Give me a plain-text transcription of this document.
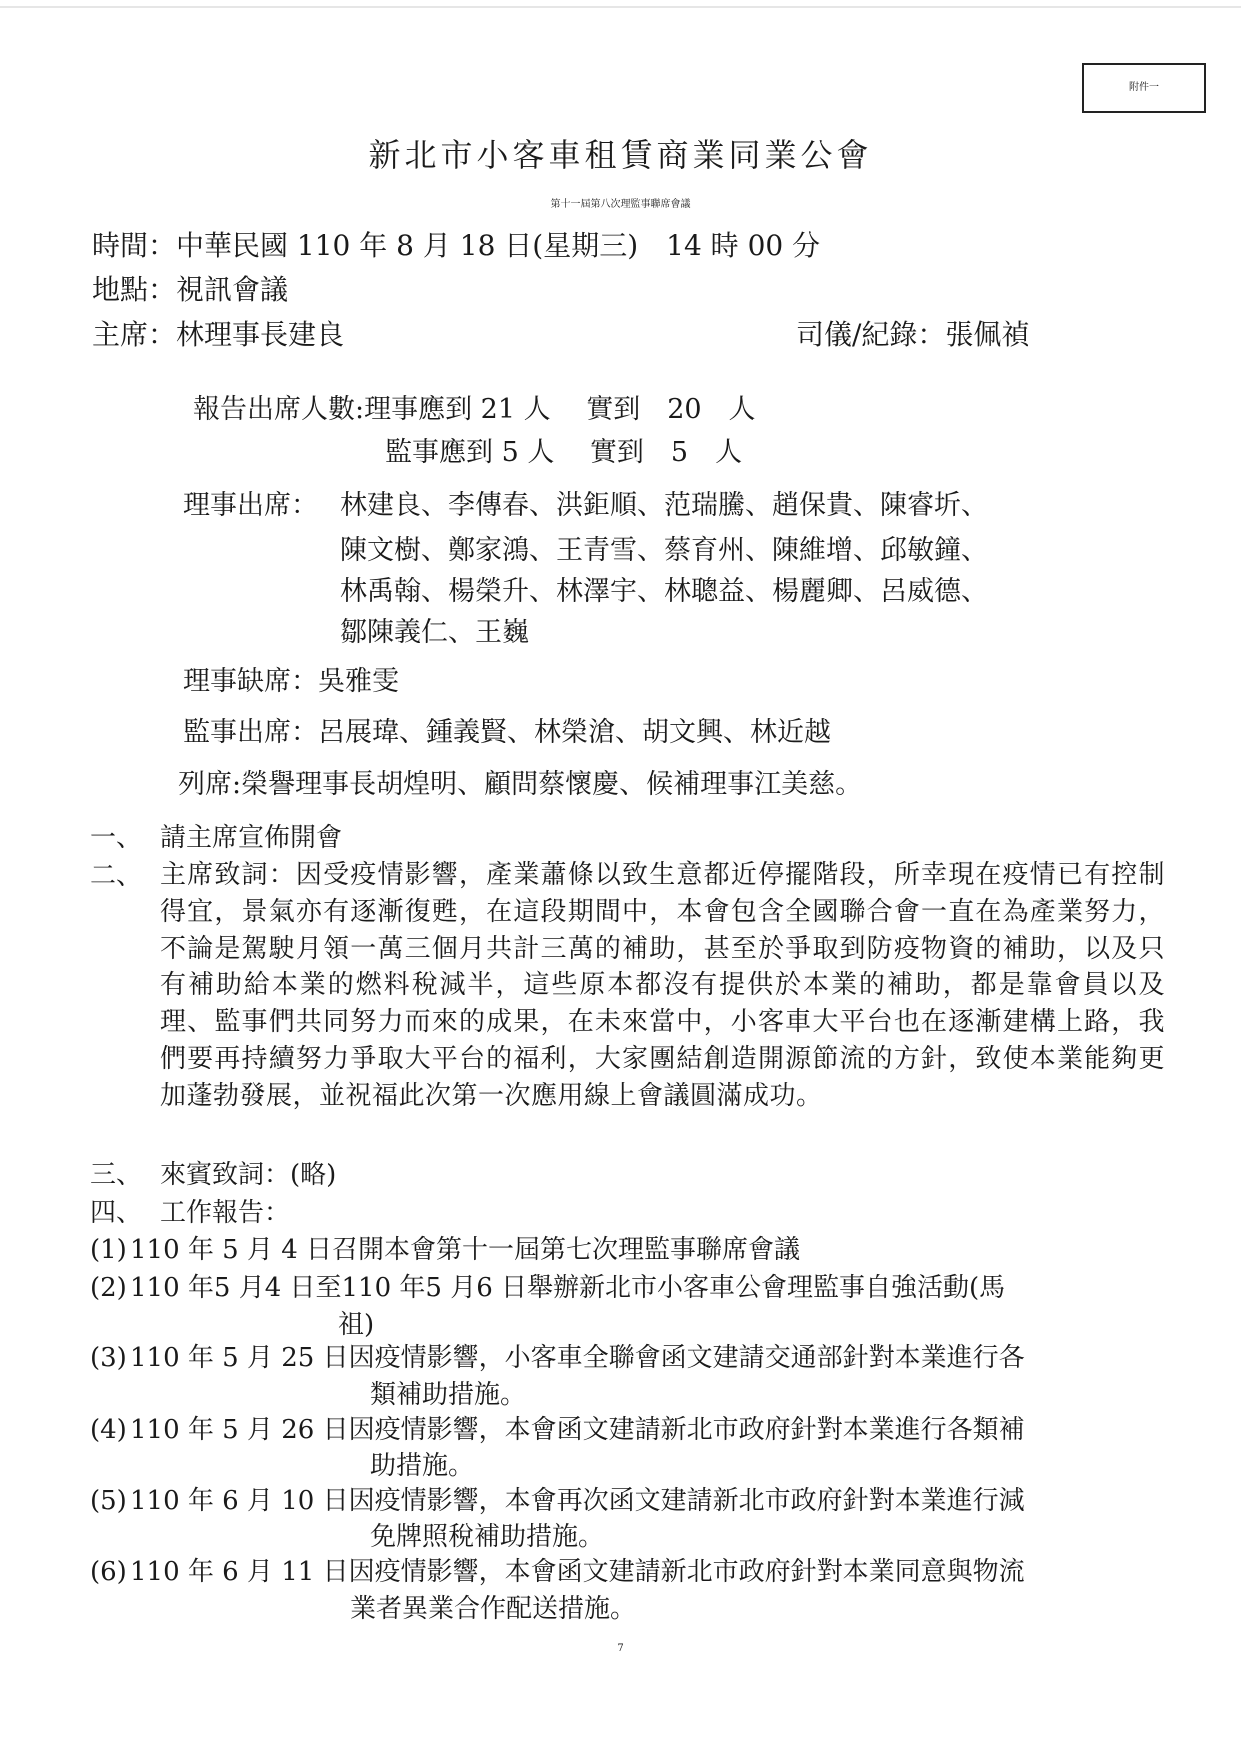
附件一
新北市小客車租賃商業同業公會
第十一屆第八次理監事聯席會議
時間：中華民國 110 年 8 月 18 日(星期三)　14 時 00 分
地點：視訊會議
主席：林理事長建良	司儀/紀錄：張佩禎
報告出席人數:理事應到 21 人　 實到　20　人
監事應到 5 人　 實到　5　人
理事出席： 林建良、李傳春、洪鉅順、范瑞騰、趙保貴、陳睿圻、
陳文樹、鄭家鴻、王青雪、蔡育州、陳維增、邱敏鐘、
林禹翰、楊榮升、林澤宇、林聰益、楊麗卿、呂威德、
鄒陳義仁、王巍
理事缺席：吳雅雯
監事出席：呂展瑋、鍾義賢、林榮滄、胡文興、林近越
列席:榮譽理事長胡煌明、顧問蔡懷慶、候補理事江美慈。
一、 請主席宣佈開會
二、 主席致詞：因受疫情影響，產業蕭條以致生意都近停擺階段，所幸現在疫情已有控制得宜，景氣亦有逐漸復甦，在這段期間中，本會包含全國聯合會一直在為產業努力，不論是駕駛月領一萬三個月共計三萬的補助，甚至於爭取到防疫物資的補助，以及只有補助給本業的燃料稅減半，這些原本都沒有提供於本業的補助，都是靠會員以及理、監事們共同努力而來的成果，在未來當中，小客車大平台也在逐漸建構上路，我們要再持續努力爭取大平台的福利，大家團結創造開源節流的方針，致使本業能夠更加蓬勃發展，並祝福此次第一次應用線上會議圓滿成功。
三、 來賓致詞：(略)
四、 工作報告：
(1) 110 年 5 月 4 日召開本會第十一屆第七次理監事聯席會議
(2) 110 年5 月4 日至110 年5 月6 日舉辦新北市小客車公會理監事自強活動(馬
祖)
(3) 110 年 5 月 25 日因疫情影響，小客車全聯會函文建請交通部針對本業進行各
類補助措施。
(4) 110 年 5 月 26 日因疫情影響，本會函文建請新北市政府針對本業進行各類補
助措施。
(5) 110 年 6 月 10 日因疫情影響，本會再次函文建請新北市政府針對本業進行減
免牌照稅補助措施。
(6) 110 年 6 月 11 日因疫情影響，本會函文建請新北市政府針對本業同意與物流
業者異業合作配送措施。
7
